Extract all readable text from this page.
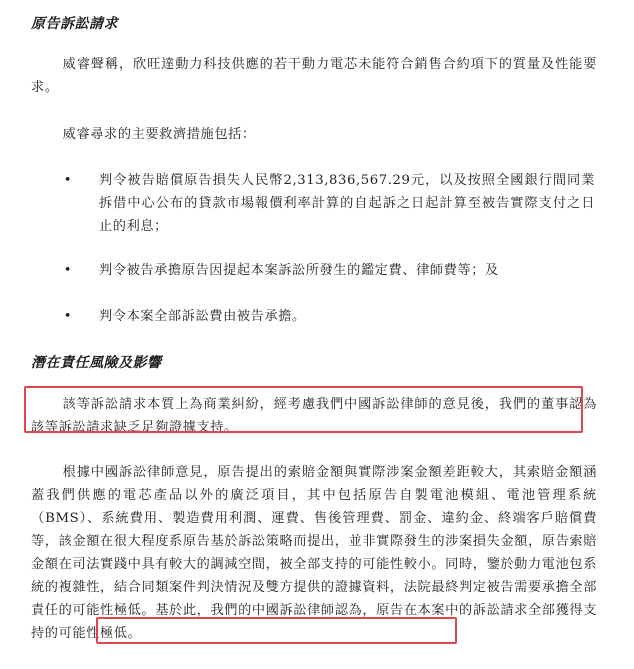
原告訴訟請求

威睿聲稱，欣旺達動力科技供應的若干動力電芯未能符合銷售合約項下的質量及性能要求。

威睿尋求的主要救濟措施包括：

• 判令被告賠償原告損失人民幣2,313,836,567.29元，以及按照全國銀行間同業拆借中心公布的貸款市場報價利率計算的自起訴之日起計算至被告實際支付之日止的利息；
• 判令被告承擔原告因提起本案訴訟所發生的鑑定費、律師費等；及
• 判令本案全部訴訟費由被告承擔。
潛在責任風險及影響

該等訴訟請求本質上為商業糾紛，經考慮我們中國訴訟律師的意見後，我們的董事認為該等訴訟請求缺乏足夠證據支持。

根據中國訴訟律師意見，原告提出的索賠金額與實際涉案金額差距較大，其索賠金額涵蓋我們供應的電芯產品以外的廣泛項目，其中包括原告自製電池模組、電池管理系統（BMS）、系統費用、製造費用利潤、運費、售後管理費、罰金、違約金、終端客戶賠償費等，該金額在很大程度系原告基於訴訟策略而提出，並非實際發生的涉案損失金額，原告索賠金額在司法實踐中具有較大的調減空間，被全部支持的可能性較小。同時，鑒於動力電池包系統的複雜性，結合同類案件判決情況及雙方提供的證據資料，法院最終判定被告需要承擔全部責任的可能性極低。基於此，我們的中國訴訟律師認為，原告在本案中的訴訟請求全部獲得支持的可能性極低。
